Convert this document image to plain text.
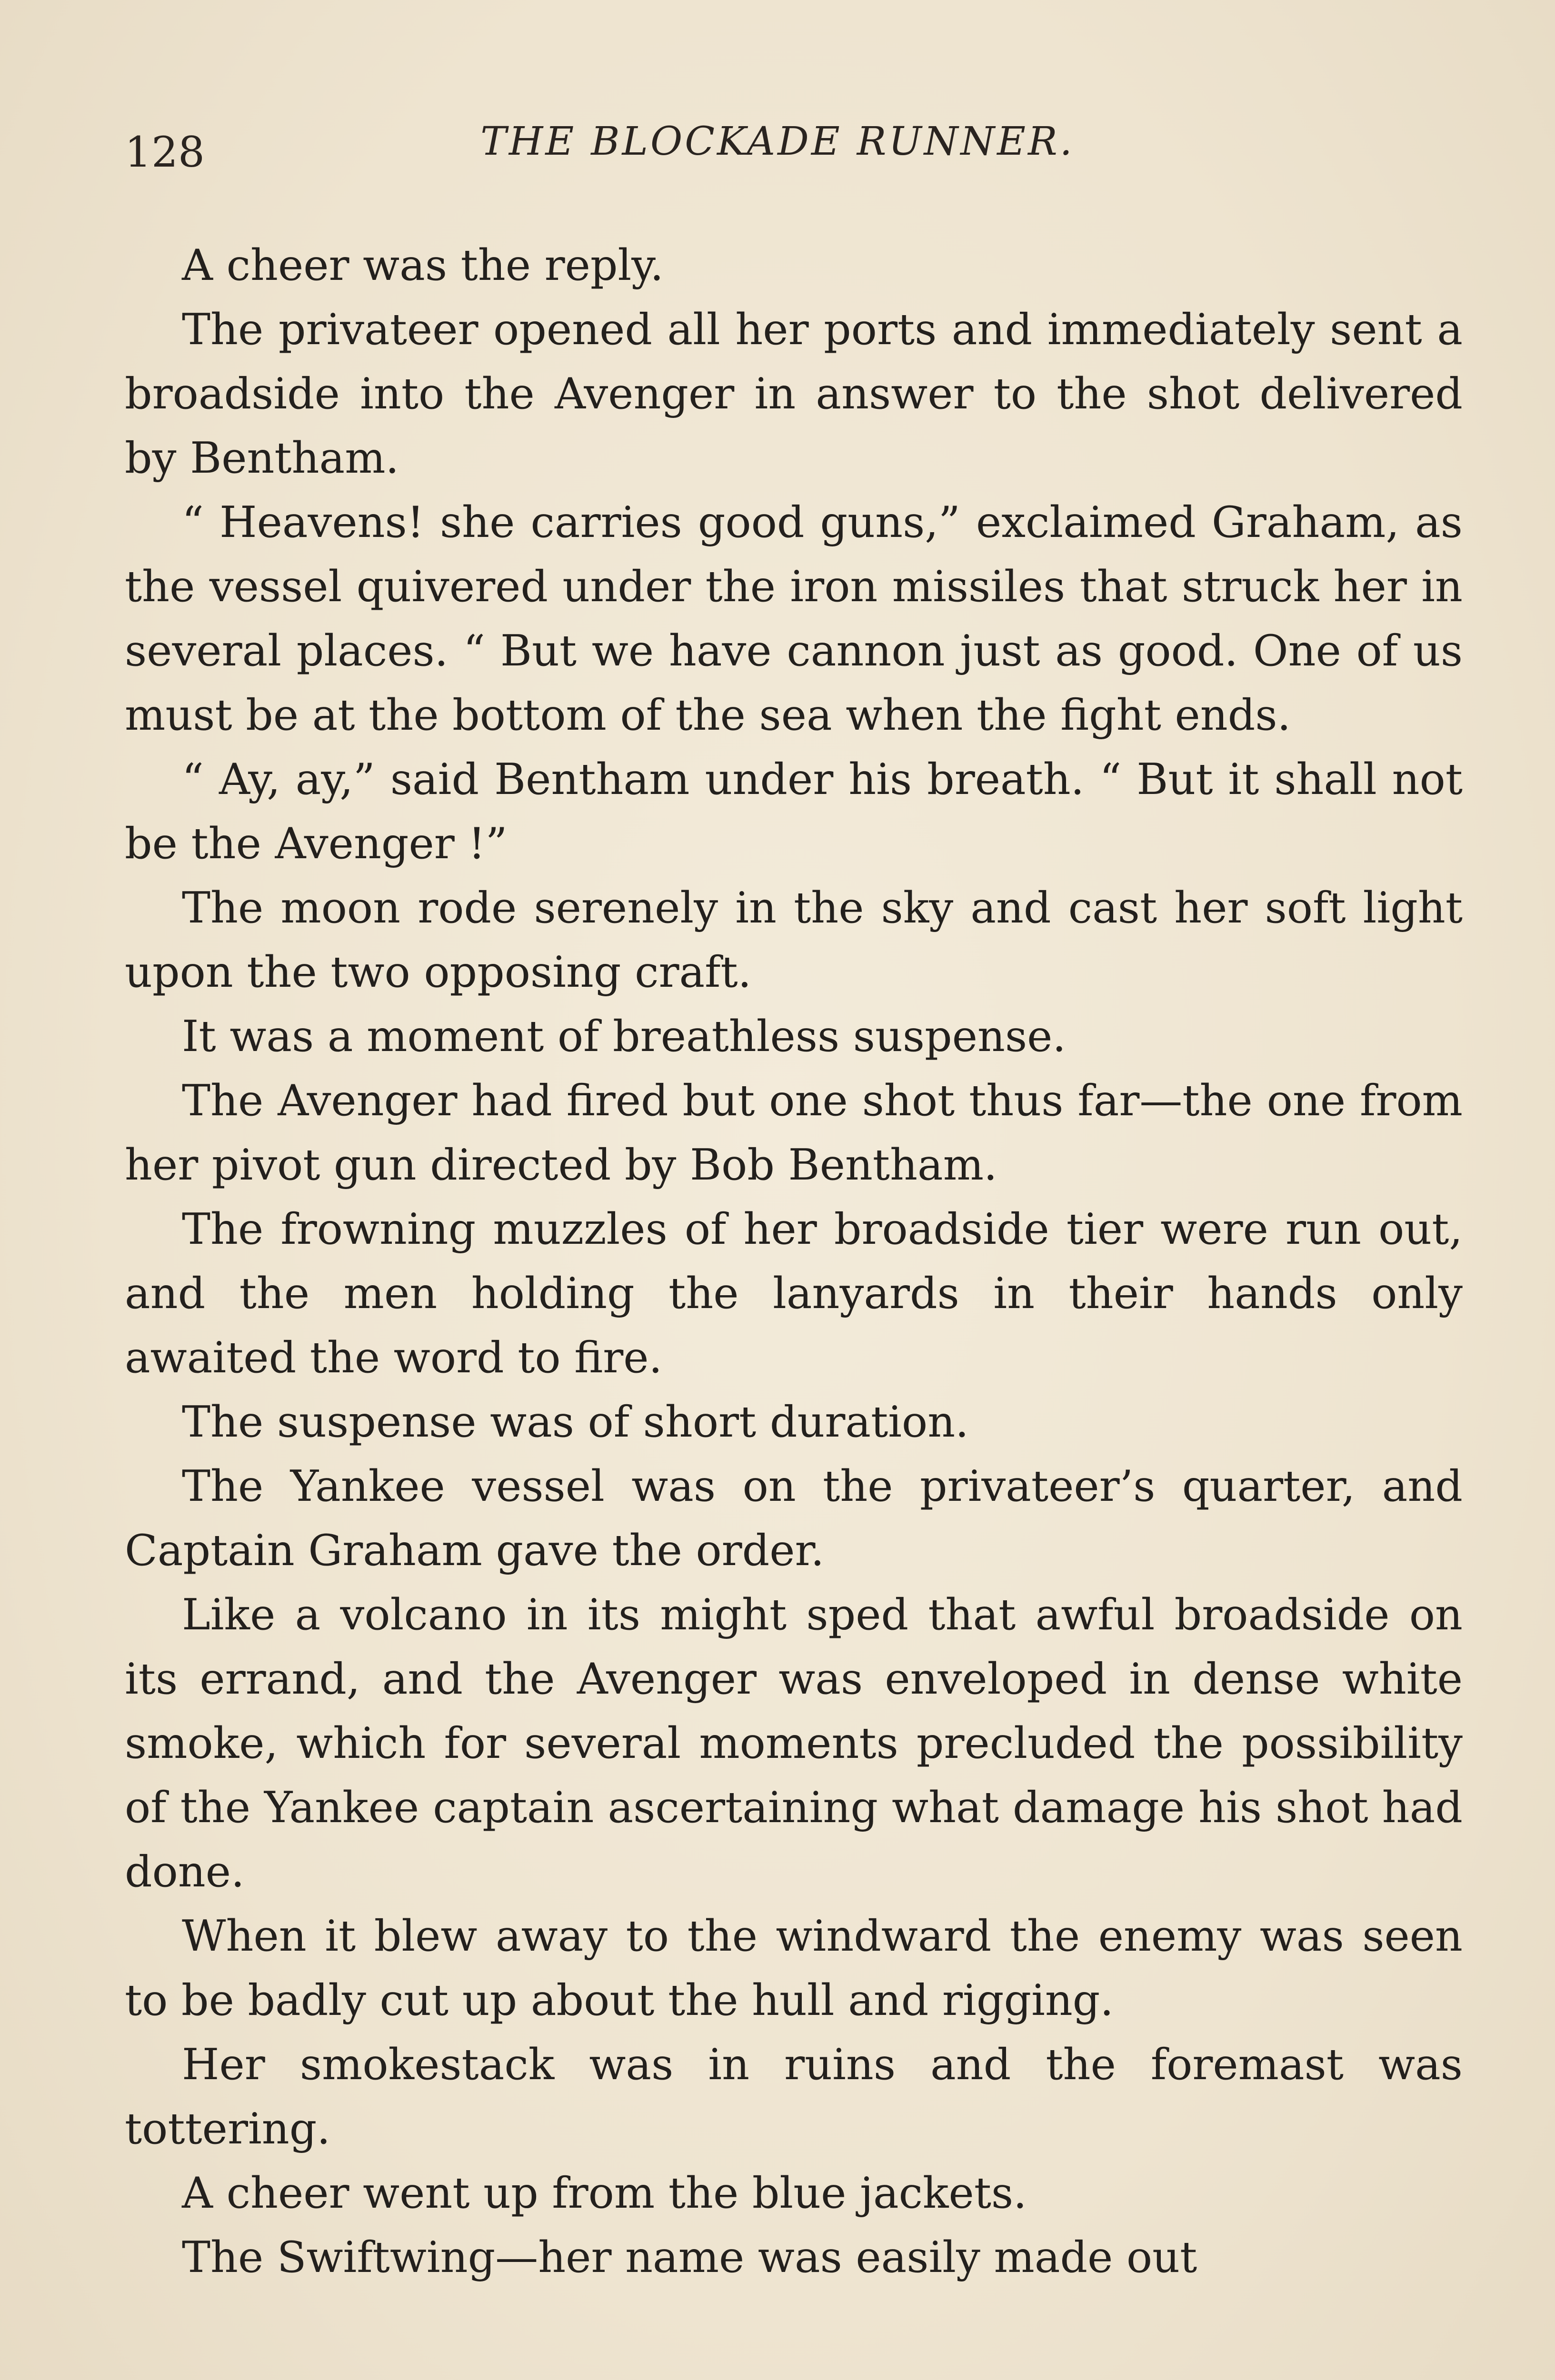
128	THE BLOCKADE RUNNER.

A cheer was the reply.

The privateer opened all her ports and immediately sent a broadside into the Avenger in answer to the shot delivered by Bentham.

“ Heavens! she carries good guns,” exclaimed Graham, as the vessel quivered under the iron missiles that struck her in several places. “ But we have cannon just as good. One of us must be at the bottom of the sea when the fight ends.

“ Ay, ay,” said Bentham under his breath. “ But it shall not be the Avenger !”

The moon rode serenely in the sky and cast her soft light upon the two opposing craft.

It was a moment of breathless suspense.

The Avenger had fired but one shot thus far—the one from her pivot gun directed by Bob Bentham.

The frowning muzzles of her broadside tier were run out, and the men holding the lanyards in their hands only awaited the word to fire.

The suspense was of short duration.

The Yankee vessel was on the privateer’s quarter, and Captain Graham gave the order.

Like a volcano in its might sped that awful broadside on its errand, and the Avenger was enveloped in dense white smoke, which for several moments precluded the possibility of the Yankee captain ascertaining what damage his shot had done.

When it blew away to the windward the enemy was seen to be badly cut up about the hull and rigging.

Her smokestack was in ruins and the foremast was tottering.

A cheer went up from the blue jackets.

The Swiftwing—her name was easily made out
